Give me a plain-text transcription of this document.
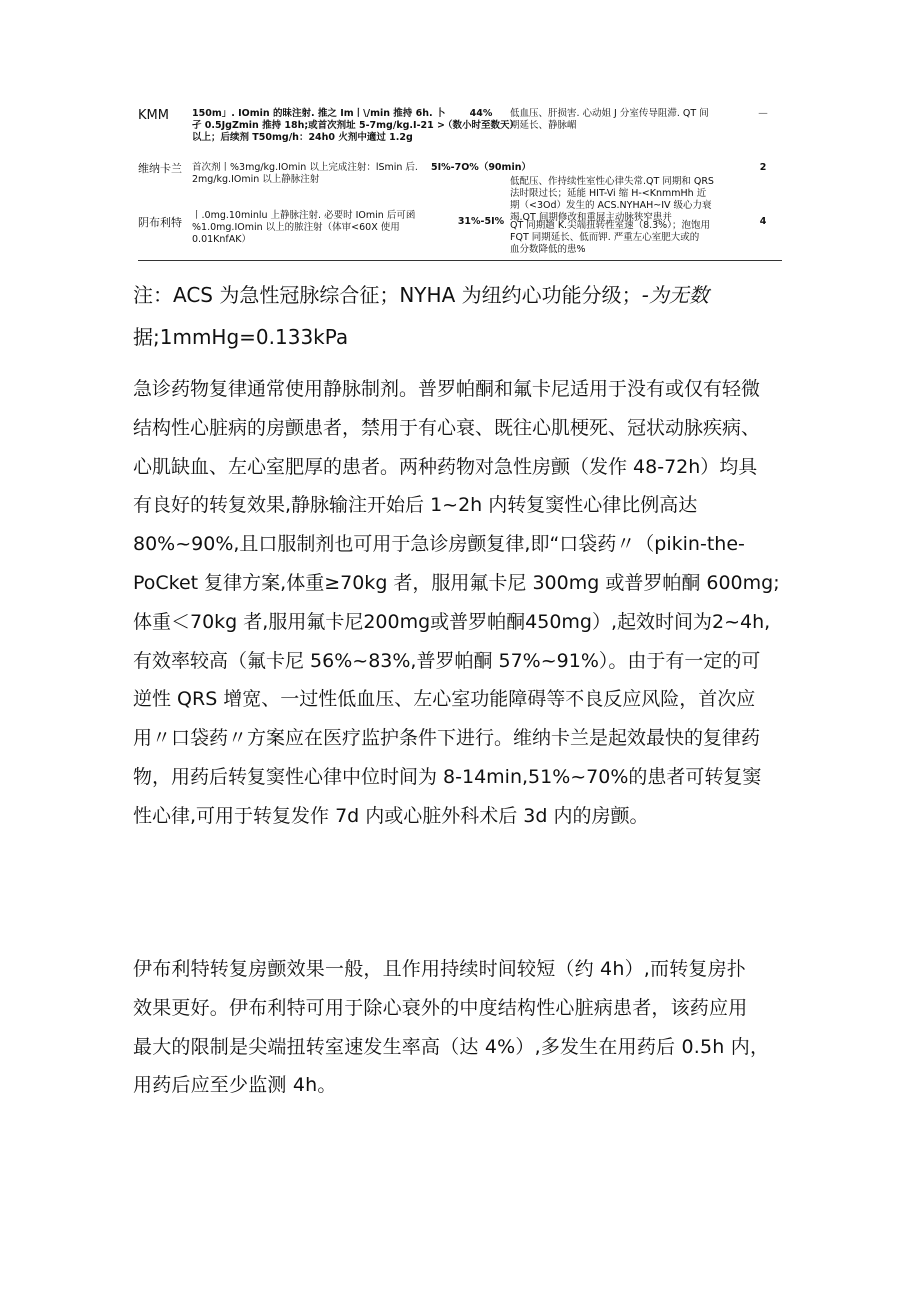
KMM	150m」. IOmin 的昧注射. 推之 Im丨\/min 推持 6h. 卜
孑 0.5JgZmin 推持 18h;或首次剂址 5-7mg/kg.I-21 >
以上；后续剂 T50mg/h：24h0 火剂中適过 1.2g
44%
（数小时至数天）
低血压、肝损害. 心动姐 J 分室传导阻滞. QT 间
期延长、静脉嵋
—
维纳卡兰	首次剂丨%3mg/kg.IOmin 以上完成注射：lSmin 后.
2mg/kg.IOmin 以上静脉注射
5I%-7O%（90min）
低配压、作持续性室性心律失常.QT 同期和 QRS
法时限过长；延能 HIT-Vi 缩 H-<KnmmHh 近
期（<3Od）发生的 ACS.NYHAH~IV 级心力衰
竭.QT 间期修改和重展主动脉狭窄患并
2
阴布利特
丨.0mg.10minlu 上静脉注射. 必要时 IOmin 后可函
%1.0mg.IOmin 以上的脓注射（体审<60X 使用
0.01KnfAK）
31%-5I% QT 同期趟 K.尖端扭转性室速（8.3%）；泡饱用
FQT 同期延长、低而钾. 严重左心室肥大或的
血分数降低的患%
4
注：ACS 为急性冠脉综合征；NYHA 为纽约心功能分级；-为无数
据;1mmHg=0.133kPa
急诊药物复律通常使用静脉制剂。普罗帕酮和氟卡尼适用于没有或仅有轻微
结构性心脏病的房颤患者，禁用于有心衰、既往心肌梗死、冠状动脉疾病、
心肌缺血、左心室肥厚的患者。两种药物对急性房颤（发作 48-72h）均具
有良好的转复效果,静脉输注开始后 1~2h 内转复窦性心律比例高达
80%~90%,且口服制剂也可用于急诊房颤复律,即“口袋药〃（pikin-the-
PoCket 复律方案,体重≥70kg 者，服用氟卡尼 300mg 或普罗帕酮 600mg;
体重＜70kg 者,服用氟卡尼200mg或普罗帕酮450mg）,起效时间为2~4h,
有效率较高（氟卡尼 56%~83%,普罗帕酮 57%~91%）。由于有一定的可
逆性 QRS 增宽、一过性低血压、左心室功能障碍等不良反应风险，首次应
用〃口袋药〃方案应在医疗监护条件下进行。维纳卡兰是起效最快的复律药
物，用药后转复窦性心律中位时间为 8-14min,51%~70%的患者可转复窦
性心律,可用于转复发作 7d 内或心脏外科术后 3d 内的房颤。
伊布利特转复房颤效果一般，且作用持续时间较短（约 4h）,而转复房扑
效果更好。伊布利特可用于除心衰外的中度结构性心脏病患者，该药应用
最大的限制是尖端扭转室速发生率高（达 4%）,多发生在用药后 0.5h 内，
用药后应至少监测 4h。
